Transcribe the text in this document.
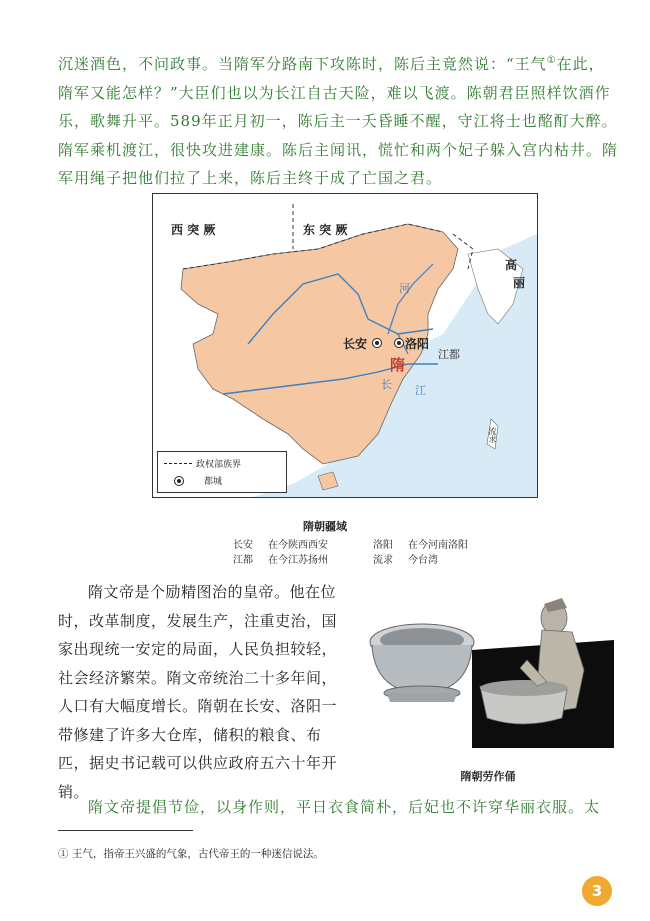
沉迷酒色，不问政事。当隋军分路南下攻陈时，陈后主竟然说：“王气①在此，隋军又能怎样？”大臣们也以为长江自古天险，难以飞渡。陈朝君臣照样饮酒作乐，歌舞升平。589年正月初一，陈后主一夭昏睡不醒，守江将士也酩酊大醉。隋军乘机渡江，很快攻进建康。陈后主闻讯，慌忙和两个妃子躲入宫内枯井。隋军用绳子把他们拉了上来，陈后主终于成了亡国之君。
西 突 厥	东 突 厥
高
丽
长安	洛阳
江都
隋
河
长 江
流求
政权部族界
都城
隋朝疆域
长安 在今陕西西安	洛阳 在今河南洛阳
江都 在今江苏扬州	流求 今台湾
隋文帝是个励精图治的皇帝。他在位时，改革制度，发展生产，注重吏治，国家出现统一安定的局面，人民负担较轻，社会经济繁荣。隋文帝统治二十多年间，人口有大幅度增长。隋朝在长安、洛阳一带修建了许多大仓库，储积的粮食、布匹，据史书记载可以供应政府五六十年开销。
隋朝劳作俑
隋文帝提倡节俭，以身作则，平日衣食简朴，后妃也不许穿华丽衣服。太
① 王气，指帝王兴盛的气象，古代帝王的一种迷信说法。
3
